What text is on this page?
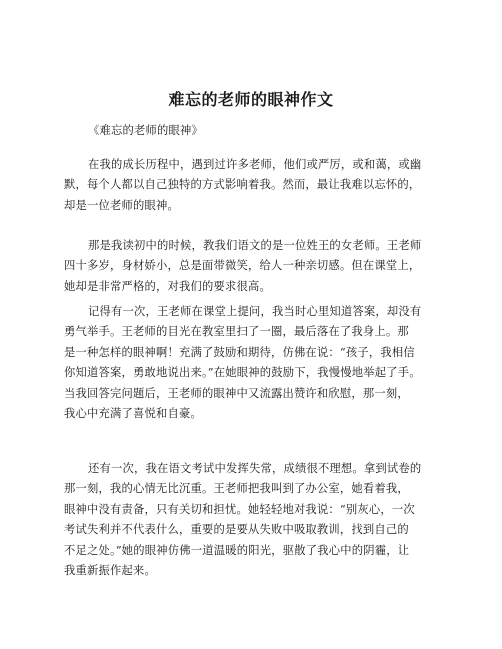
难忘的老师的眼神作文

《难忘的老师的眼神》

在我的成长历程中，遇到过许多老师，他们或严厉，或和蔼，或幽
默，每个人都以自己独特的方式影响着我。然而，最让我难以忘怀的，
却是一位老师的眼神。

那是我读初中的时候，教我们语文的是一位姓王的女老师。王老师
四十多岁，身材娇小，总是面带微笑，给人一种亲切感。但在课堂上，
她却是非常严格的，对我们的要求很高。

记得有一次，王老师在课堂上提问，我当时心里知道答案，却没有
勇气举手。王老师的目光在教室里扫了一圈，最后落在了我身上。那
是一种怎样的眼神啊！充满了鼓励和期待，仿佛在说：“孩子，我相信
你知道答案，勇敢地说出来。”在她眼神的鼓励下，我慢慢地举起了手。
当我回答完问题后，王老师的眼神中又流露出赞许和欣慰，那一刻，
我心中充满了喜悦和自豪。

还有一次，我在语文考试中发挥失常，成绩很不理想。拿到试卷的
那一刻，我的心情无比沉重。王老师把我叫到了办公室，她看着我，
眼神中没有责备，只有关切和担忧。她轻轻地对我说：“别灰心，一次
考试失利并不代表什么，重要的是要从失败中吸取教训，找到自己的
不足之处。”她的眼神仿佛一道温暖的阳光，驱散了我心中的阴霾，让
我重新振作起来。
